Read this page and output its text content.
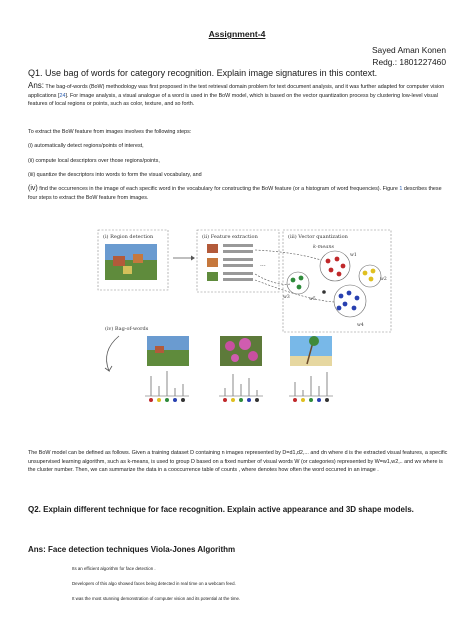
Assignment-4
Sayed Aman Konen
Redg.: 1801227460
Q1. Use bag of words for category recognition. Explain image signatures in this context.
Ans: The bag-of-words (BoW) methodology was first proposed in the text retrieval domain problem for text document analysis, and it was further adapted for computer vision applications [24]. For image analysis, a visual analogue of a word is used in the BoW model, which is based on the vector quantization process by clustering low-level visual features of local regions or points, such as color, texture, and so forth.
To extract the BoW feature from images involves the following steps:
(i) automatically detect regions/points of interest,
(ii) compute local descriptors over those regions/points,
(iii) quantize the descriptors into words to form the visual vocabulary, and
(iv) find the occurrences in the image of each specific word in the vocabulary for constructing the BoW feature (or a histogram of word frequencies). Figure 1 describes these four steps to extract the BoW feature from images.
(i) Region detection	(ii) Feature extraction
...
(iii) Vector quantization
k-means
w1
w2
w3
w4
w5
(iv) Bag-of-words
The BoW model can be defined as follows. Given a training dataset D containing n images represented by D=d1,d2,... and dn where d is the extracted visual features, a specific unsupervised learning algorithm, such as k-means, is used to group D based on a fixed number of visual words W (or categories) represented by W=w1,w2,.. and wv where is the cluster number. Then, we can summarize the data in a cooccurrence table of counts , where denotes how often the word occurred in an image .
Q2. Explain different technique for face recognition. Explain active appearance and 3D shape models.
Ans: Face detection techniques Viola-Jones Algorithm
Its an efficient algorithm for face detection .
Developers of this algo showed faces being detected in real time on a webcam feed.
It was the most stunning demonstration of computer vision and its potential at the time.
